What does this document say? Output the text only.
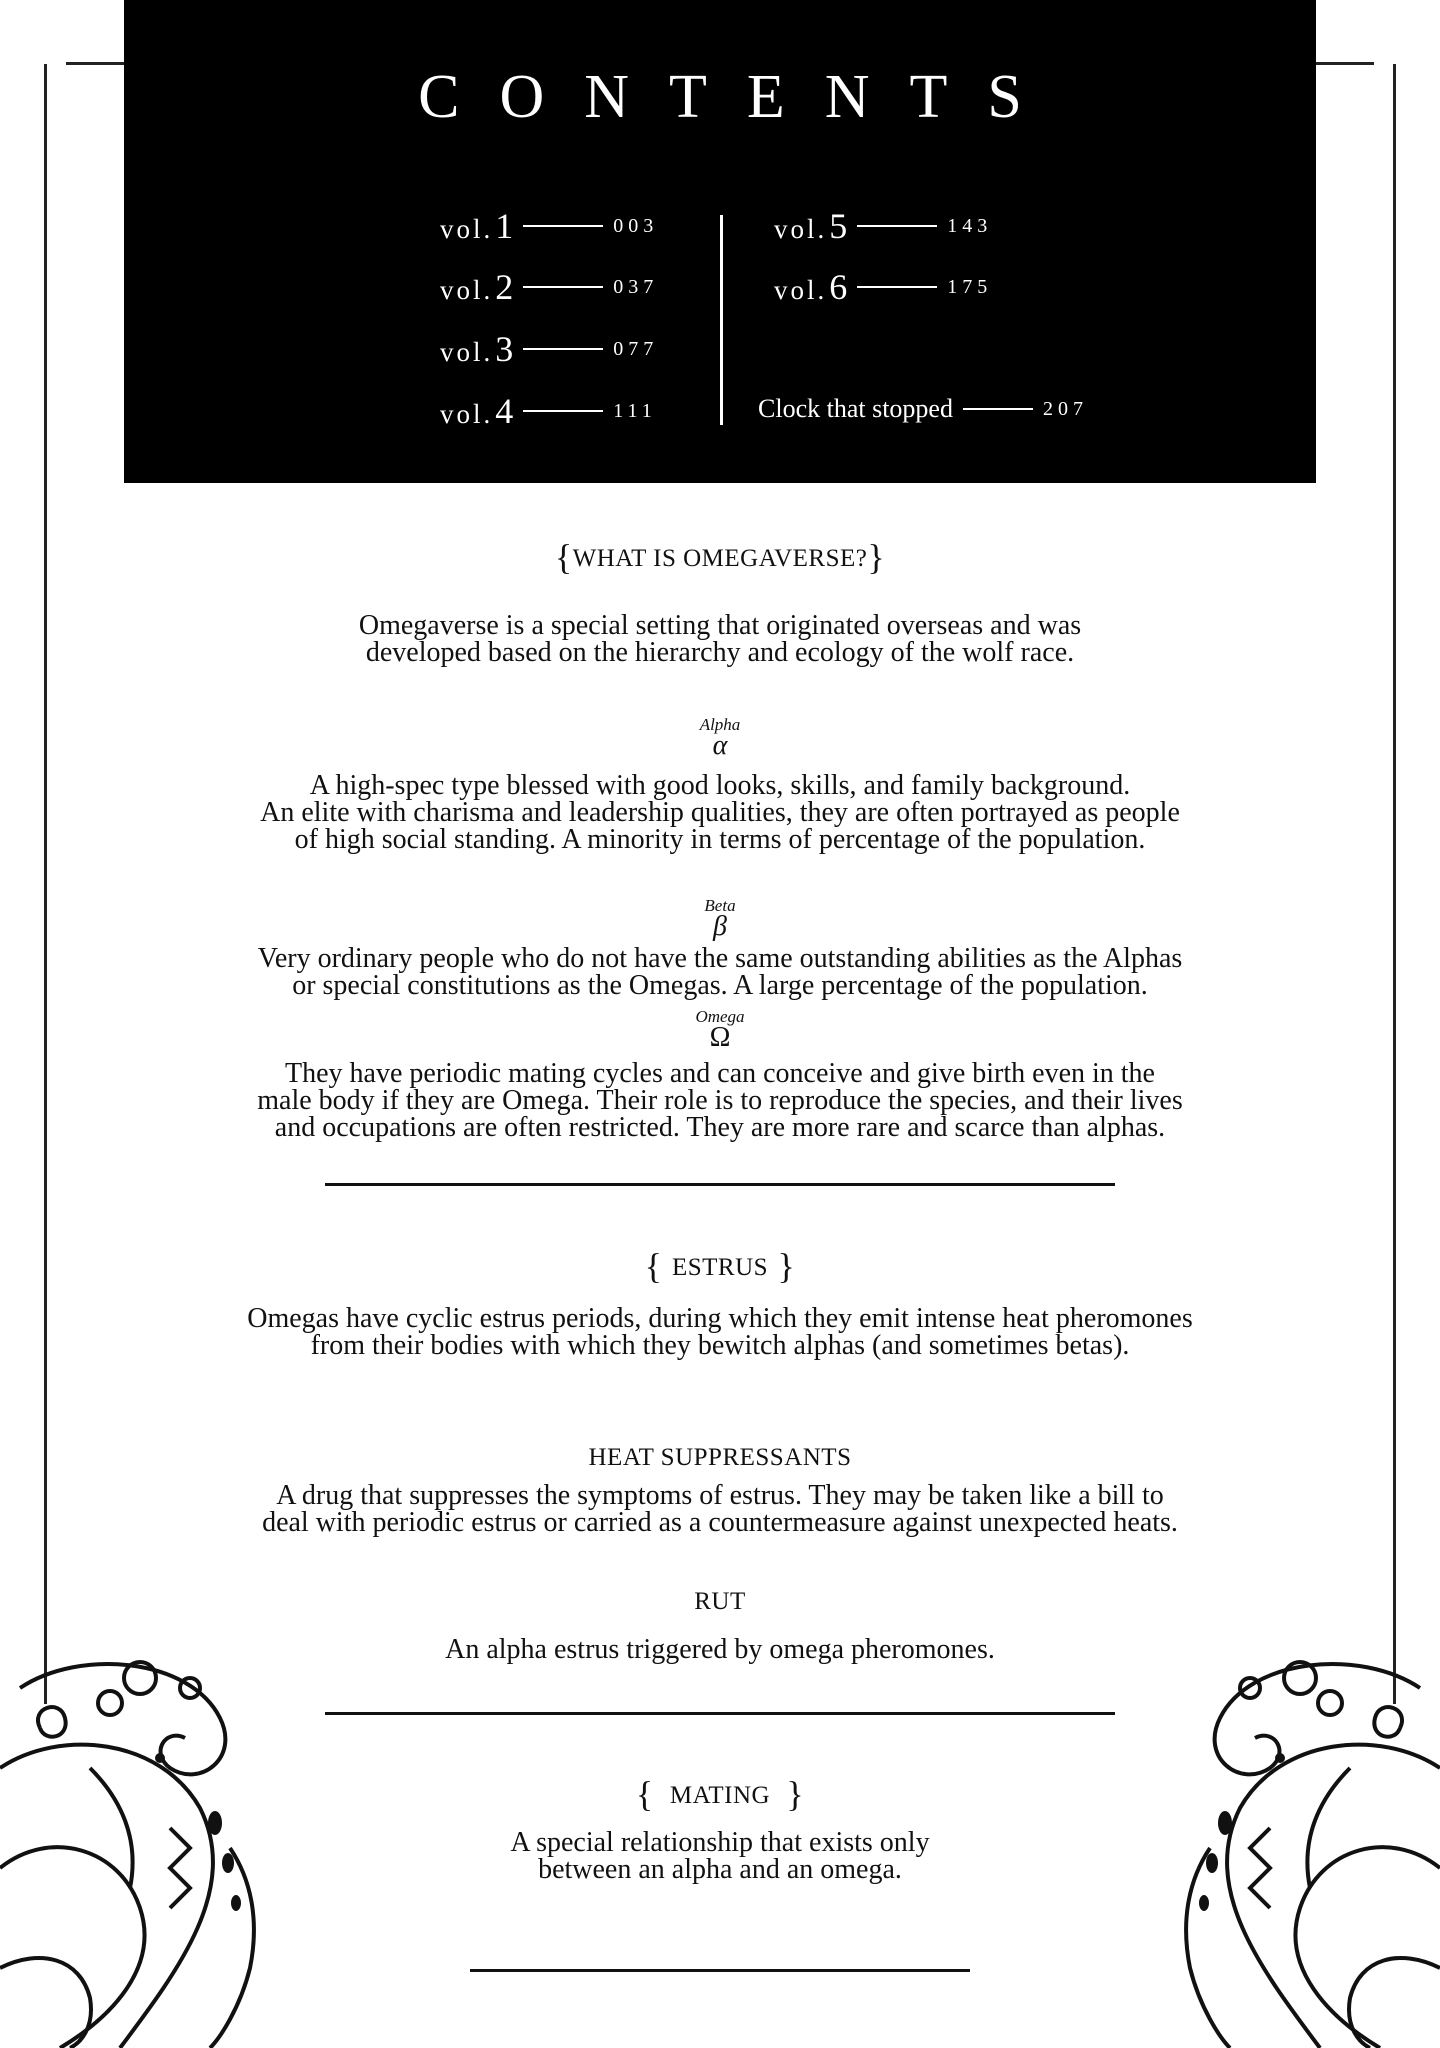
CONTENTS
vol.1	003
vol.2	037
vol.3	077
vol.4	111
vol.5	143
vol.6	175
Clock that stopped	207
{WHAT IS OMEGAVERSE?}
Omegaverse is a special setting that originated overseas and was
developed based on the hierarchy and ecology of the wolf race.
Alpha
α
A high-spec type blessed with good looks, skills, and family background.
An elite with charisma and leadership qualities, they are often portrayed as people
of high social standing. A minority in terms of percentage of the population.
Beta
β
Very ordinary people who do not have the same outstanding abilities as the Alphas
or special constitutions as the Omegas. A large percentage of the population.
Omega
Ω
They have periodic mating cycles and can conceive and give birth even in the
male body if they are Omega. Their role is to reproduce the species, and their lives
and occupations are often restricted. They are more rare and scarce than alphas.
{ ESTRUS }
Omegas have cyclic estrus periods, during which they emit intense heat pheromones
from their bodies with which they bewitch alphas (and sometimes betas).
HEAT SUPPRESSANTS
A drug that suppresses the symptoms of estrus. They may be taken like a bill to
deal with periodic estrus or carried as a countermeasure against unexpected heats.
RUT
An alpha estrus triggered by omega pheromones.
{  MATING  }
A special relationship that exists only
between an alpha and an omega.
